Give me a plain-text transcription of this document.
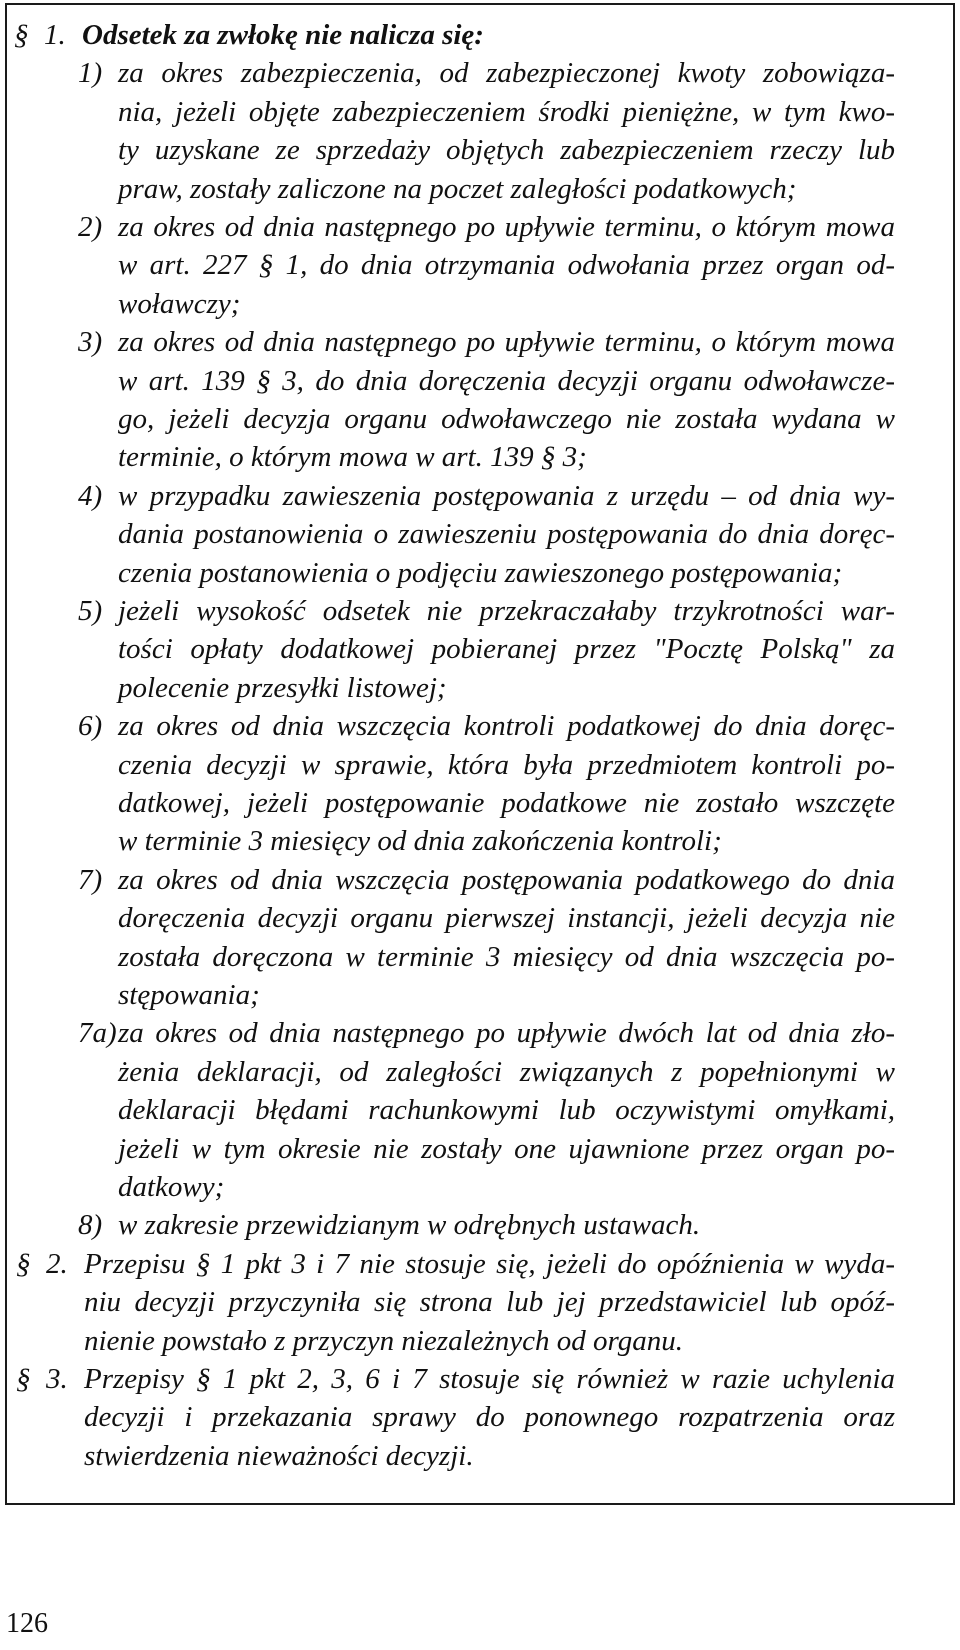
§ 1. Odsetek za zwłokę nie nalicza się:
1) za okres zabezpieczenia, od zabezpieczonej kwoty zobowiąza-
nia, jeżeli objęte zabezpieczeniem środki pieniężne, w tym kwo-
ty uzyskane ze sprzedaży objętych zabezpieczeniem rzeczy lub
praw, zostały zaliczone na poczet zaległości podatkowych;
2) za okres od dnia następnego po upływie terminu, o którym mowa
w art. 227 § 1, do dnia otrzymania odwołania przez organ od-
woławczy;
3) za okres od dnia następnego po upływie terminu, o którym mowa
w art. 139 § 3, do dnia doręczenia decyzji organu odwoławcze-
go, jeżeli decyzja organu odwoławczego nie została wydana w
terminie, o którym mowa w art. 139 § 3;
4) w przypadku zawieszenia postępowania z urzędu – od dnia wy-
dania postanowienia o zawieszeniu postępowania do dnia doręc-
czenia postanowienia o podjęciu zawieszonego postępowania;
5) jeżeli wysokość odsetek nie przekraczałaby trzykrotności war-
tości opłaty dodatkowej pobieranej przez "Pocztę Polską" za
polecenie przesyłki listowej;
6) za okres od dnia wszczęcia kontroli podatkowej do dnia doręc-
czenia decyzji w sprawie, która była przedmiotem kontroli po-
datkowej, jeżeli postępowanie podatkowe nie zostało wszczęte
w terminie 3 miesięcy od dnia zakończenia kontroli;
7) za okres od dnia wszczęcia postępowania podatkowego do dnia
doręczenia decyzji organu pierwszej instancji, jeżeli decyzja nie
została doręczona w terminie 3 miesięcy od dnia wszczęcia po-
stępowania;
7a) za okres od dnia następnego po upływie dwóch lat od dnia zło-
żenia deklaracji, od zaległości związanych z popełnionymi w
deklaracji błędami rachunkowymi lub oczywistymi omyłkami,
jeżeli w tym okresie nie zostały one ujawnione przez organ po-
datkowy;
8) w zakresie przewidzianym w odrębnych ustawach.
§ 2. Przepisu § 1 pkt 3 i 7 nie stosuje się, jeżeli do opóźnienia w wyda-
niu decyzji przyczyniła się strona lub jej przedstawiciel lub opóź-
nienie powstało z przyczyn niezależnych od organu.
§ 3. Przepisy § 1 pkt 2, 3, 6 i 7 stosuje się również w razie uchylenia
decyzji i przekazania sprawy do ponownego rozpatrzenia oraz
stwierdzenia nieważności decyzji.
126
